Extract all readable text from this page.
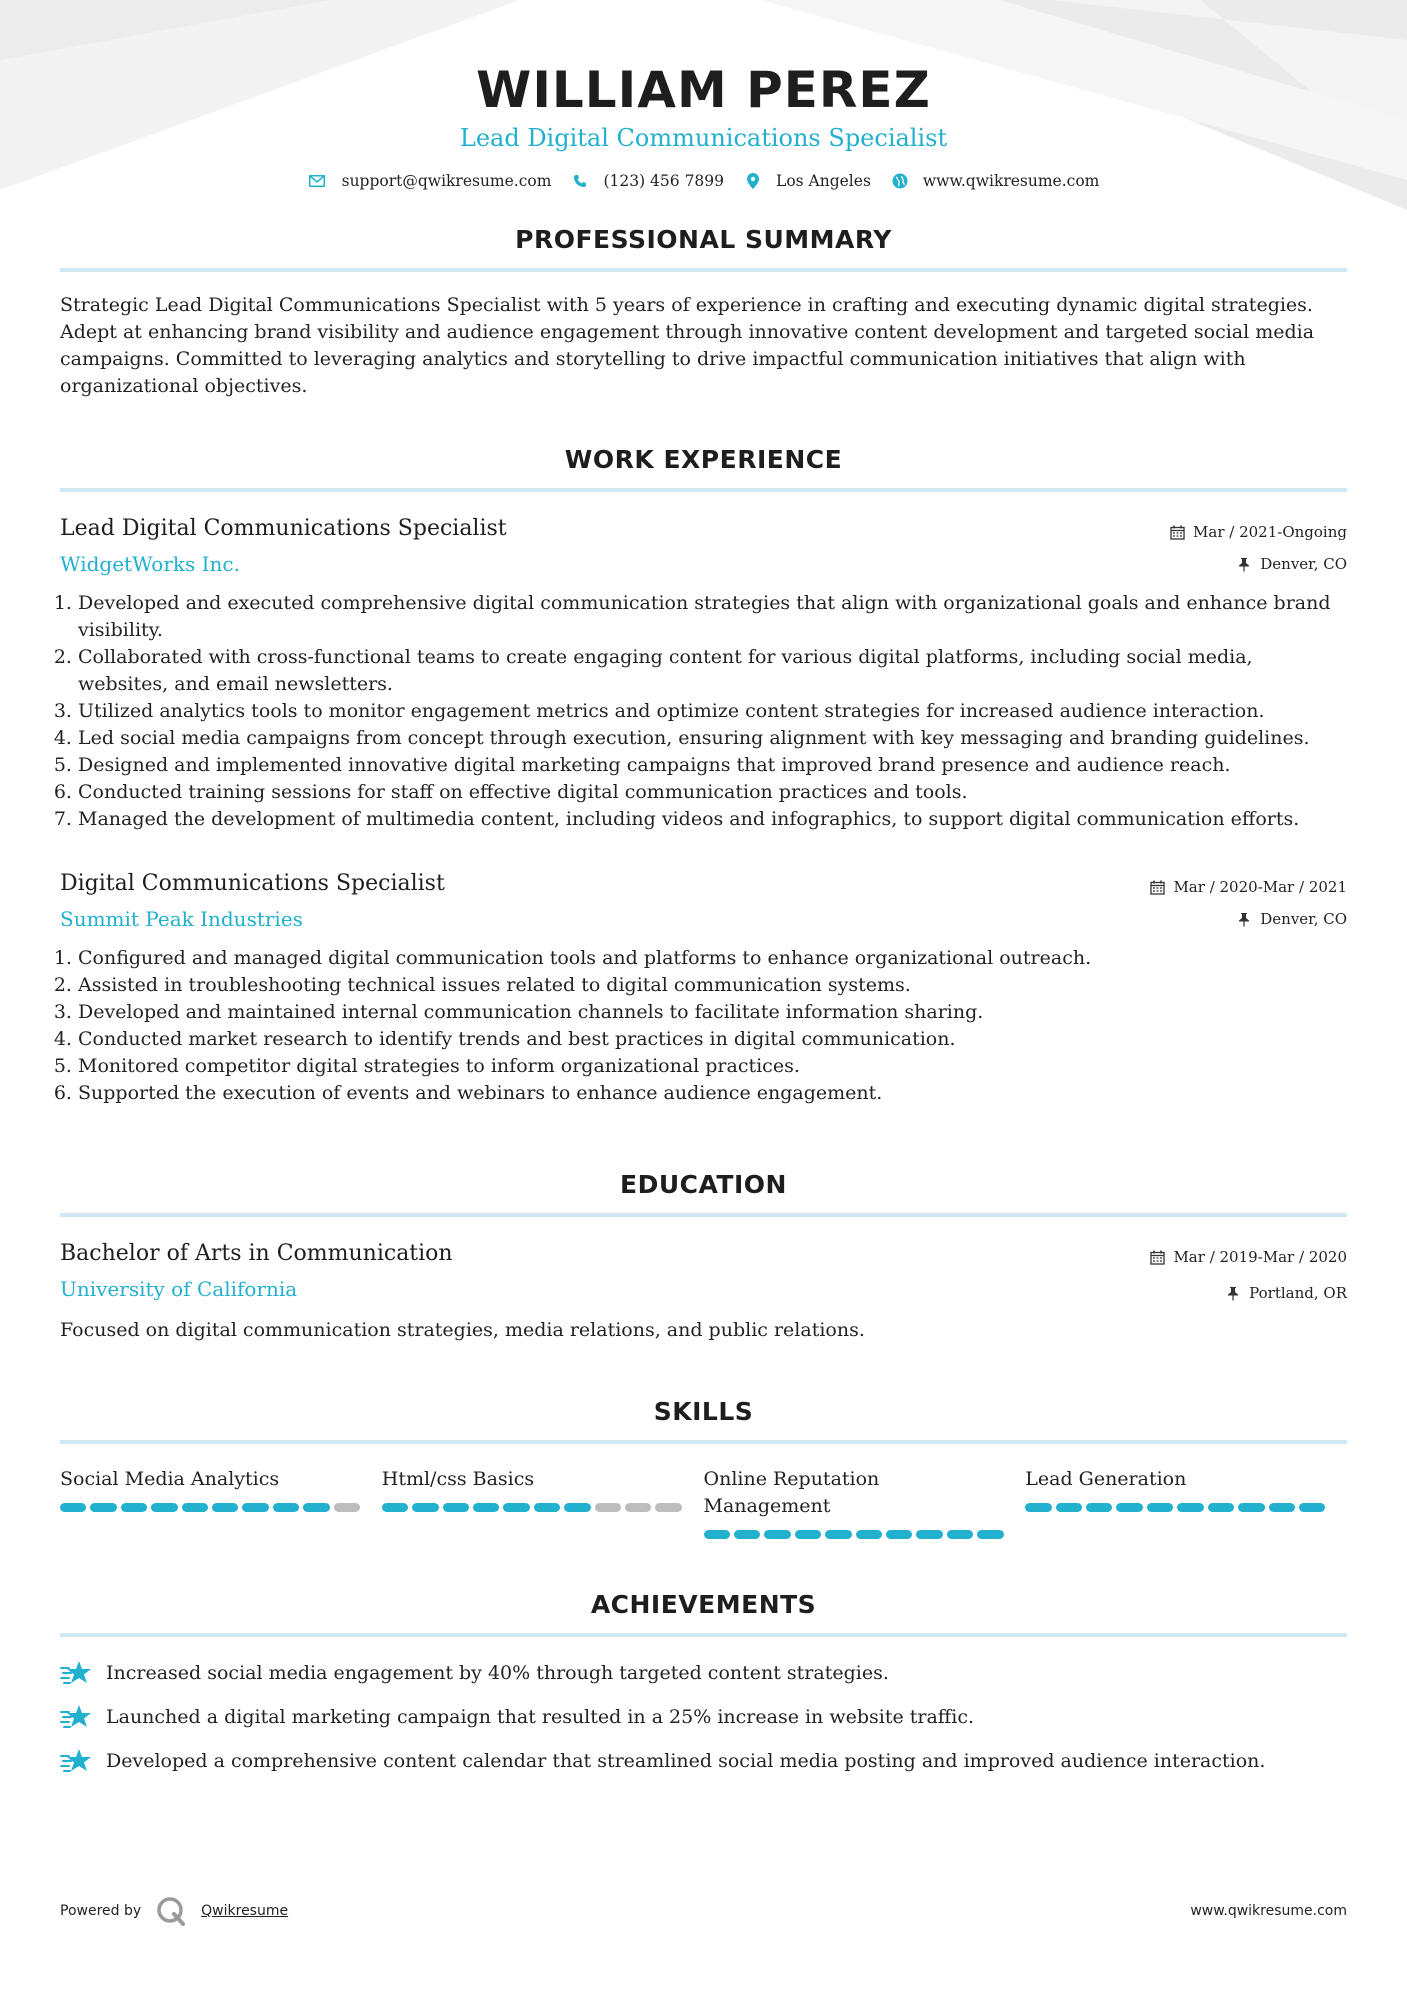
WILLIAM PEREZ
Lead Digital Communications Specialist
support@qwikresume.com	(123) 456 7899	Los Angeles	www.qwikresume.com
PROFESSIONAL SUMMARY

Strategic Lead Digital Communications Specialist with 5 years of experience in crafting and executing dynamic digital strategies. Adept at enhancing brand visibility and audience engagement through innovative content development and targeted social media campaigns. Committed to leveraging analytics and storytelling to drive impactful communication initiatives that align with organizational objectives.

WORK EXPERIENCE
Lead Digital Communications Specialist
WidgetWorks Inc.
Mar / 2021-Ongoing
Denver, CO
1. Developed and executed comprehensive digital communication strategies that align with organizational goals and enhance brand visibility.
2. Collaborated with cross-functional teams to create engaging content for various digital platforms, including social media, websites, and email newsletters.
3. Utilized analytics tools to monitor engagement metrics and optimize content strategies for increased audience interaction.
4. Led social media campaigns from concept through execution, ensuring alignment with key messaging and branding guidelines.
5. Designed and implemented innovative digital marketing campaigns that improved brand presence and audience reach.
6. Conducted training sessions for staff on effective digital communication practices and tools.
7. Managed the development of multimedia content, including videos and infographics, to support digital communication efforts.
Digital Communications Specialist
Summit Peak Industries
Mar / 2020-Mar / 2021
Denver, CO
1. Configured and managed digital communication tools and platforms to enhance organizational outreach.
2. Assisted in troubleshooting technical issues related to digital communication systems.
3. Developed and maintained internal communication channels to facilitate information sharing.
4. Conducted market research to identify trends and best practices in digital communication.
5. Monitored competitor digital strategies to inform organizational practices.
6. Supported the execution of events and webinars to enhance audience engagement.
EDUCATION
Bachelor of Arts in Communication
University of California
Mar / 2019-Mar / 2020
Portland, OR

Focused on digital communication strategies, media relations, and public relations.

SKILLS
Social Media Analytics	Html/css Basics	Online Reputation Management
Lead Generation
ACHIEVEMENTS
Increased social media engagement by 40% through targeted content strategies.
Launched a digital marketing campaign that resulted in a 25% increase in website traffic.
Developed a comprehensive content calendar that streamlined social media posting and improved audience interaction.
Powered by	Qwikresume	www.qwikresume.com
